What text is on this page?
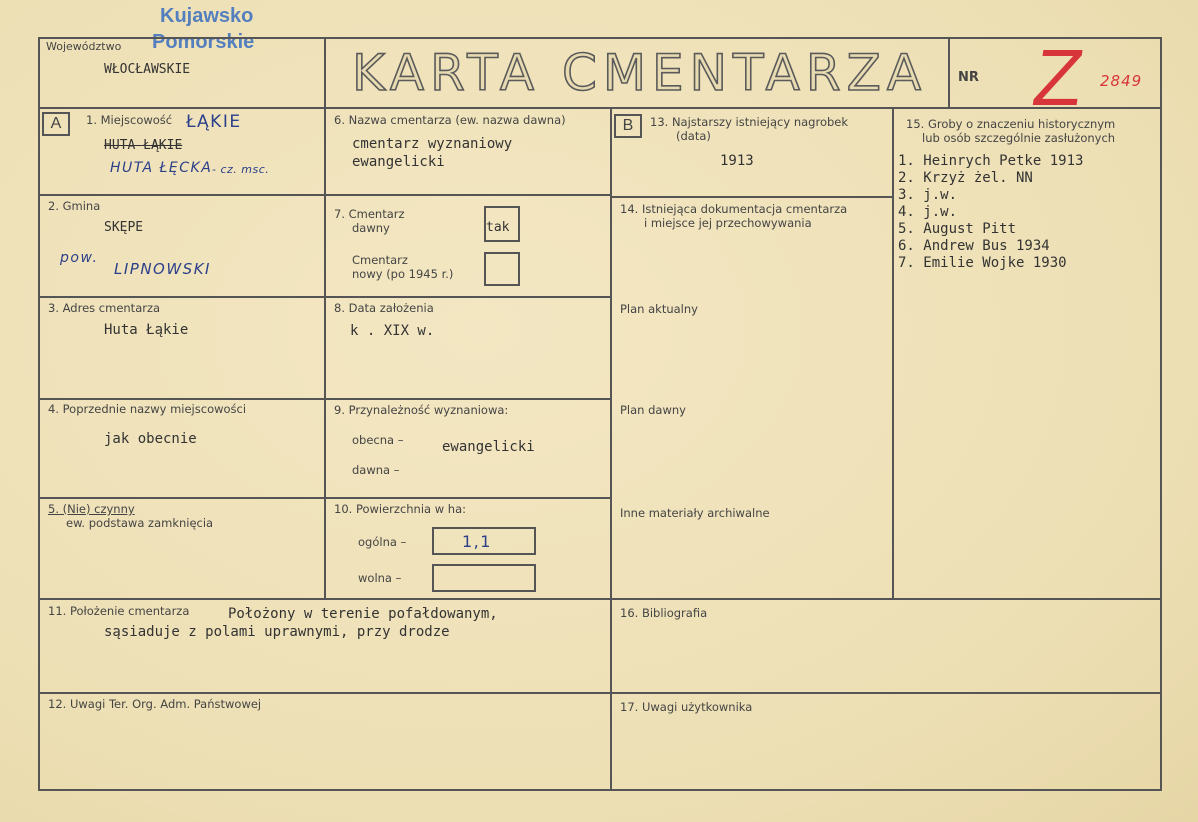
Kujawsko
Pomorskie
Województwo
WŁOCŁAWSKIE	KARTA CMENTARZA NR Z 2849
A	B
1. Miejscowość ŁĄKIE
HUTA ŁĄKIE
HUTA ŁĘCKA - cz. msc.
2. Gmina
SKĘPE
pow.
LIPNOWSKI
3. Adres cmentarza
Huta Łąkie
4. Poprzednie nazwy miejscowości
jak obecnie
5. (Nie) czynny
ew. podstawa zamknięcia
6. Nazwa cmentarza (ew. nazwa dawna)
cmentarz wyznaniowy
ewangelicki
7. Cmentarz
dawny	tak
Cmentarz
nowy (po 1945 r.)
8. Data założenia
k . XIX w.
9. Przynależność wyznaniowa:
obecna –	ewangelicki
dawna –
10. Powierzchnia w ha:
ogólna –	1,1
wolna –
11. Położenie cmentarza	Położony w terenie pofałdowanym,
sąsiaduje z polami uprawnymi, przy drodze
12. Uwagi Ter. Org. Adm. Państwowej
13. Najstarszy istniejący nagrobek
(data)
1913
14. Istniejąca dokumentacja cmentarza
i miejsce jej przechowywania
Plan aktualny
Plan dawny
Inne materiały archiwalne
15. Groby o znaczeniu historycznym
lub osób szczególnie zasłużonych
1. Heinrych Petke 1913
2. Krzyż żel. NN
3. j.w.
4. j.w.
5. August Pitt
6. Andrew Bus 1934
7. Emilie Wojke 1930
16. Bibliografia
17. Uwagi użytkownika
